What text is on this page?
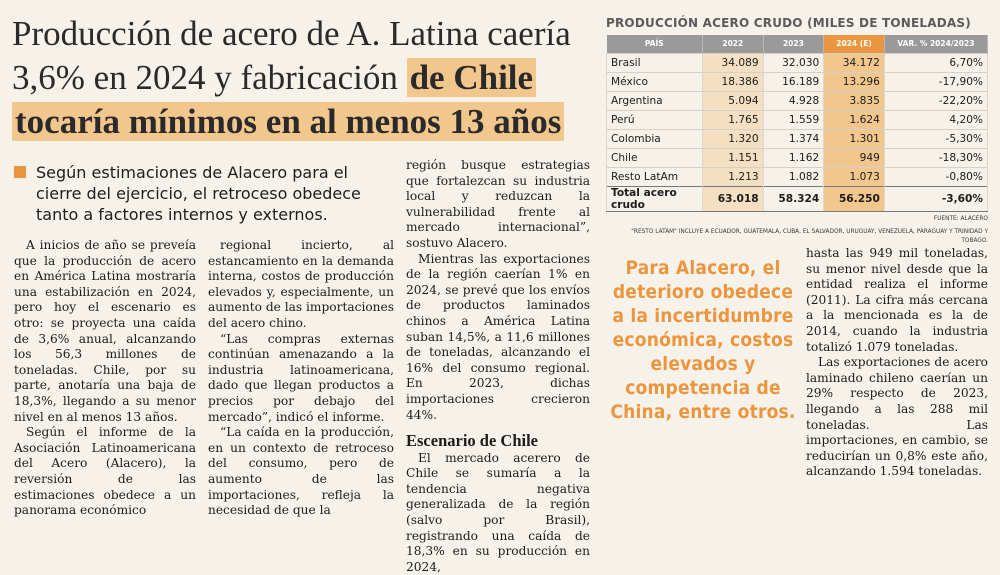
Producción de acero de A. Latina caería 3,6% en 2024 y fabricación de Chile tocaría mínimos en al menos 13 años
Según estimaciones de Alacero para el cierre del ejercicio, el retroceso obedece tanto a factores internos y externos.

A inicios de año se preveía que la producción de acero en América Latina mostraría una estabilización en 2024, pero hoy el escenario es otro: se proyecta una caída de 3,6% anual, alcanzando los 56,3 millones de toneladas. Chile, por su parte, anotaría una baja de 18,3%, llegando a su menor nivel en al menos 13 años.

Según el informe de la Asociación Latinoamericana del Acero (Alacero), la reversión de las estimaciones obedece a un panorama económico

regional incierto, al estancamiento en la demanda interna, costos de producción elevados y, especialmente, un aumento de las importaciones del acero chino.

“Las compras externas continúan amenazando a la industria latinoamericana, dado que llegan productos a precios por debajo del mercado”, indicó el informe.

“La caída en la producción, en un contexto de retroceso del consumo, pero de aumento de las importaciones, refleja la necesidad de que la

región busque estrategias que fortalezcan su industria local y reduzcan la vulnerabilidad frente al mercado internacional”, sostuvo Alacero.

Mientras las exportaciones de la región caerían 1% en 2024, se prevé que los envíos de productos laminados chinos a América Latina suban 14,5%, a 11,6 millones de toneladas, alcanzando el 16% del consumo regional. En 2023, dichas importaciones crecieron 44%.

Escenario de Chile

El mercado acerero de Chile se sumaría a la tendencia negativa generalizada de la región (salvo por Brasil), registrando una caída de 18,3% en su producción en 2024,

Para Alacero, el deterioro obedece a la incertidumbre económica, costos elevados y competencia de China, entre otros.

hasta las 949 mil toneladas, su menor nivel desde que la entidad realiza el informe (2011). La cifra más cercana a la mencionada es la de 2014, cuando la industria totalizó 1.079 toneladas.

Las exportaciones de acero laminado chileno caerían un 29% respecto de 2023, llegando a las 288 mil toneladas. Las importaciones, en cambio, se reducirían un 0,8% este año, alcanzando 1.594 toneladas.

PRODUCCIÓN ACERO CRUDO (MILES DE TONELADAS)
PAÍS	2022	2023	2024 (E)	VAR. % 2024/2023
Brasil	34.089	32.030	34.172	6,70%
México	18.386	16.189	13.296	-17,90%
Argentina	5.094	4.928	3.835	-22,20%
Perú	1.765	1.559	1.624	4,20%
Colombia	1.320	1.374	1.301	-5,30%
Chile	1.151	1.162	949	-18,30%
Resto LatAm	1.213	1.082	1.073	-0,80%
Total acero crudo	63.018	58.324	56.250	-3,60%
FUENTE: ALACERO
"RESTO LATAM" INCLUYE A ECUADOR, GUATEMALA, CUBA, EL SALVADOR, URUGUAY, VENEZUELA, PARAGUAY Y TRINIDAD Y TOBAGO.
